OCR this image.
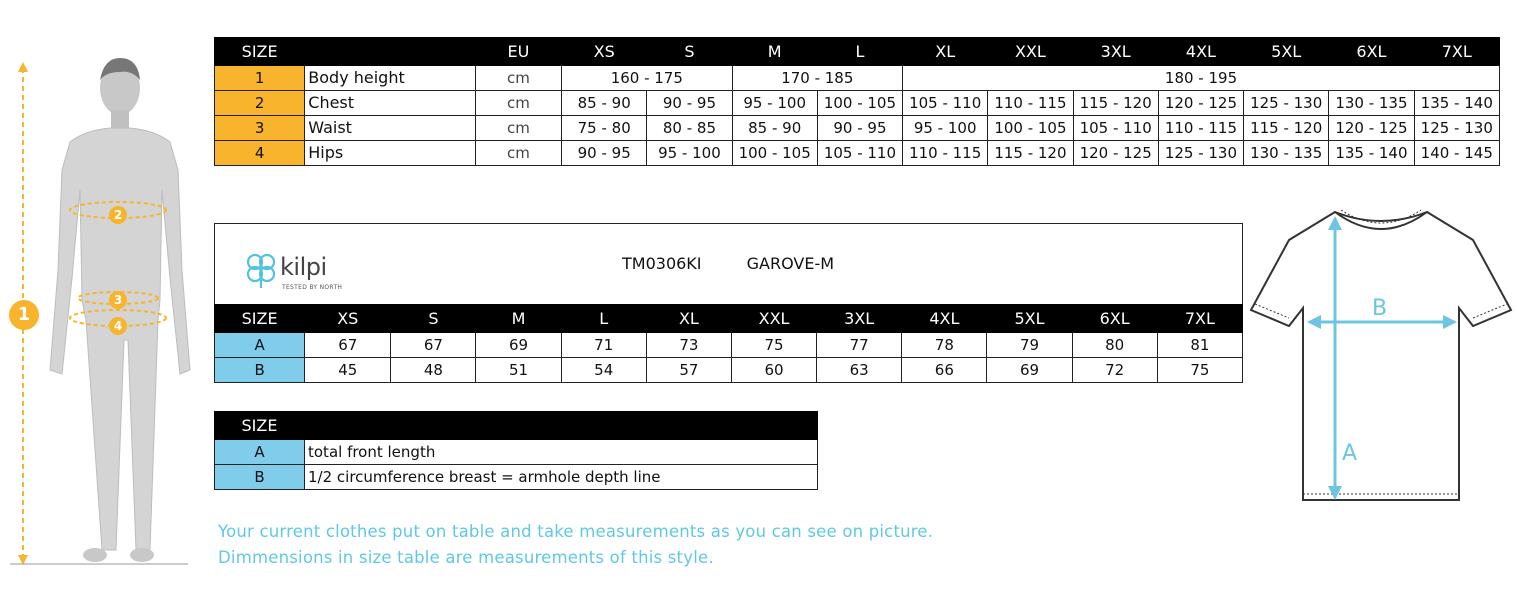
1
2
3
4
SIZE		EU	XS	S	M	L	XL	XXL	3XL	4XL	5XL	6XL	7XL
1	Body height	cm	160 - 175		170 - 185		180 - 195						
2	Chest	cm	85 - 90	90 - 95	95 - 100	100 - 105	105 - 110	110 - 115	115 - 120	120 - 125	125 - 130	130 - 135	135 - 140
3	Waist	cm	75 - 80	80 - 85	85 - 90	90 - 95	95 - 100	100 - 105	105 - 110	110 - 115	115 - 120	120 - 125	125 - 130
4	Hips	cm	90 - 95	95 - 100	100 - 105	105 - 110	110 - 115	115 - 120	120 - 125	125 - 130	130 - 135	135 - 140	140 - 145
kilpi
TESTED BY NORTH
TM0306KI	GAROVE-M
SIZE	XS	S	M	L	XL	XXL	3XL	4XL	5XL	6XL	7XL
A	67	67	69	71	73	75	77	78	79	80	81
B	45	48	51	54	57	60	63	66	69	72	75
SIZE	
A	total front length
B	1/2 circumference breast = armhole depth line
Your current clothes put on table and take measurements as you can see on picture.
Dimmensions in size table are measurements of this style.
B
A
